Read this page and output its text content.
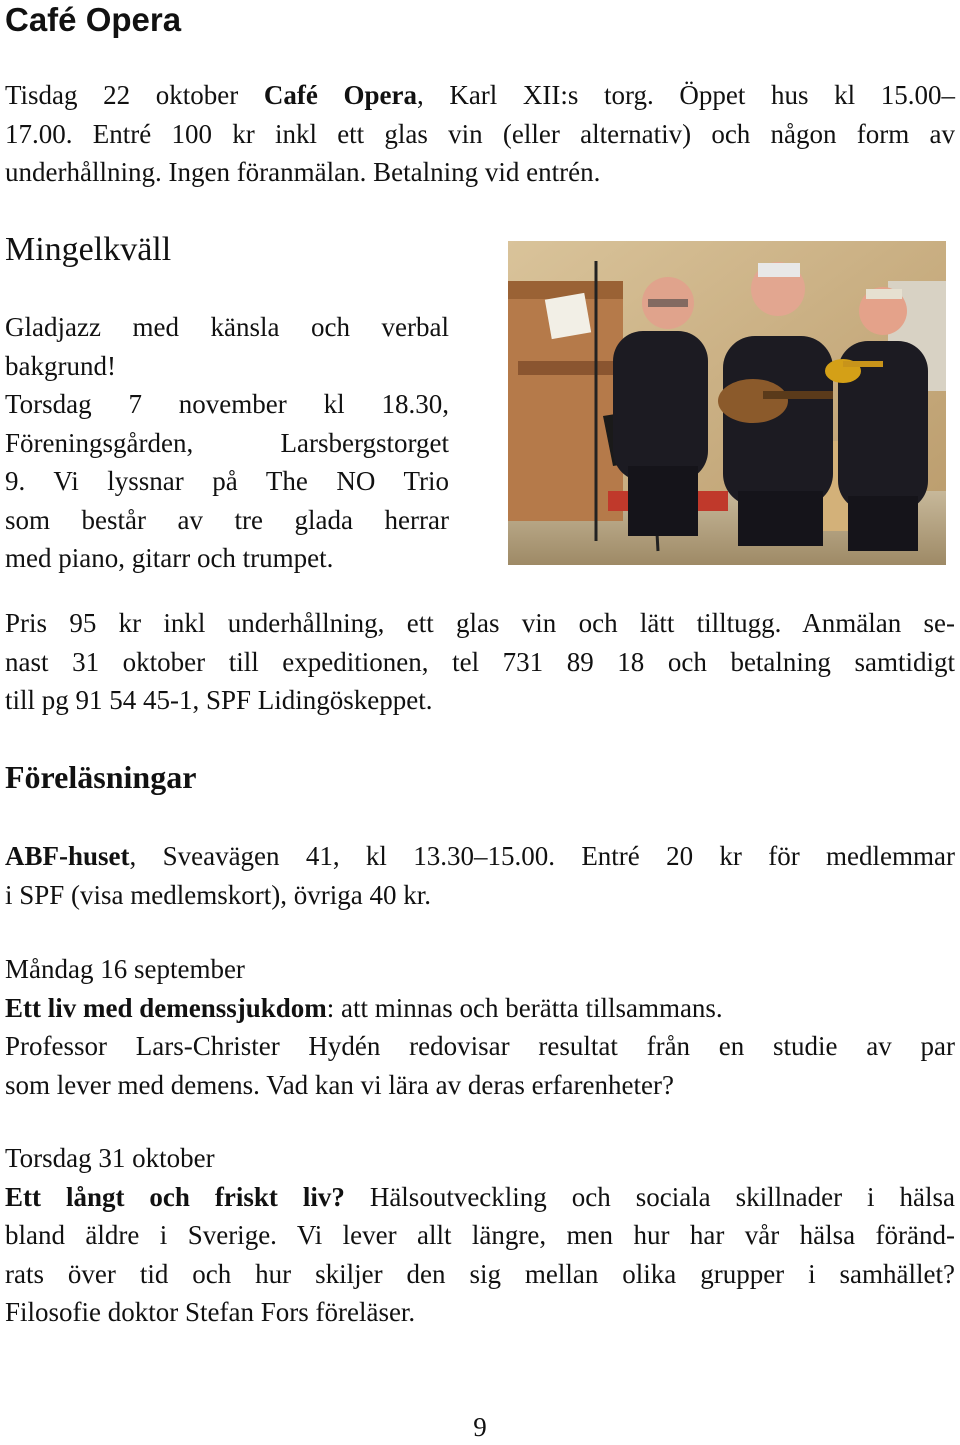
Café Opera
Tisdag 22 oktober Café Opera, Karl XII:s torg. Öppet hus kl 15.00–
17.00. Entré 100 kr inkl ett glas vin (eller alternativ) och någon form av
underhållning. Ingen föranmälan. Betalning vid entrén.
Mingelkväll
Gladjazz med känsla och verbal
bakgrund!
Torsdag 7 november kl 18.30,
Föreningsgården, Larsbergstorget
9. Vi lyssnar på The NO Trio
som består av tre glada herrar
med piano, gitarr och trumpet.
Pris 95 kr inkl underhållning, ett glas vin och lätt tilltugg. Anmälan se-
nast 31 oktober till expeditionen, tel 731 89 18 och betalning samtidigt
till pg 91 54 45-1, SPF Lidingöskeppet.
Föreläsningar
ABF-huset, Sveavägen 41, kl 13.30–15.00. Entré 20 kr för medlemmar
i SPF (visa medlemskort), övriga 40 kr.
Måndag 16 september
Ett liv med demenssjukdom: att minnas och berätta tillsammans.
Professor Lars-Christer Hydén redovisar resultat från en studie av par
som lever med demens. Vad kan vi lära av deras erfarenheter?
Torsdag 31 oktober
Ett långt och friskt liv? Hälsoutveckling och sociala skillnader i hälsa
bland äldre i Sverige. Vi lever allt längre, men hur har vår hälsa föränd-
rats över tid och hur skiljer den sig mellan olika grupper i samhället?
Filosofie doktor Stefan Fors föreläser.
9
